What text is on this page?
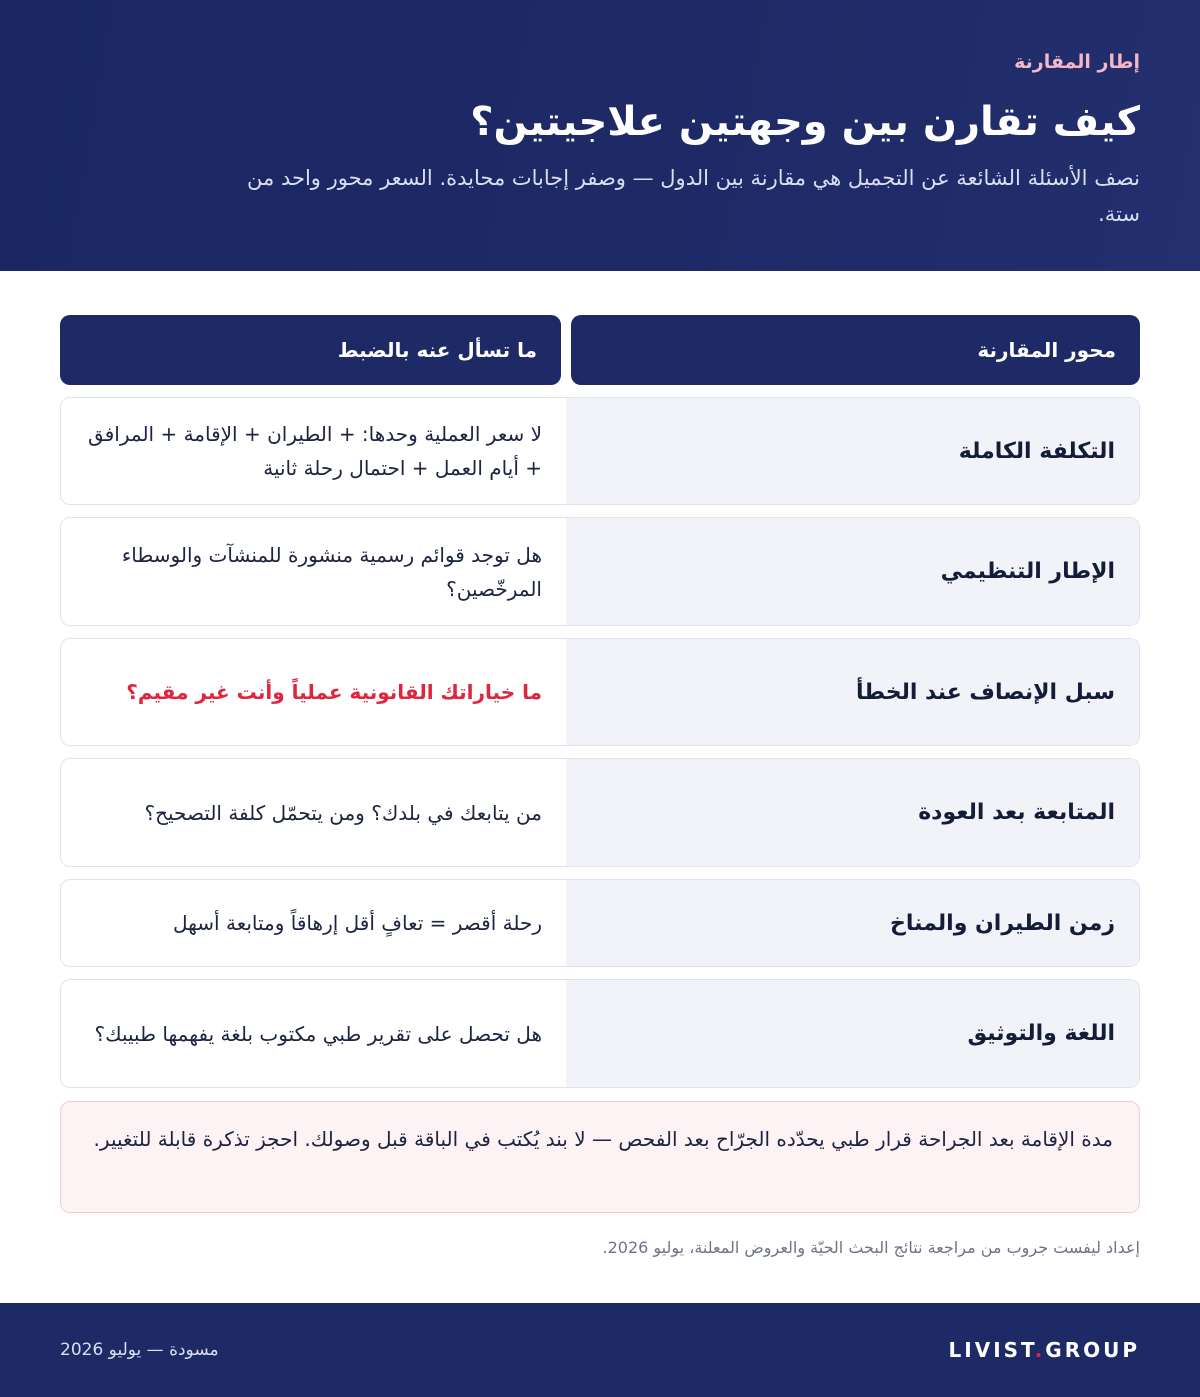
إطار المقارنة
كيف تقارن بين وجهتين علاجيتين؟

نصف الأسئلة الشائعة عن التجميل هي مقارنة بين الدول — وصفر إجابات محايدة. السعر محور واحد من ستة.

محور المقارنة
ما تسأل عنه بالضبط
التكلفة الكاملة
لا سعر العملية وحدها: + الطيران + الإقامة + المرافق + أيام العمل + احتمال رحلة ثانية
الإطار التنظيمي
هل توجد قوائم رسمية منشورة للمنشآت والوسطاء المرخّصين؟
سبل الإنصاف عند الخطأ
ما خياراتك القانونية عملياً وأنت غير مقيم؟
المتابعة بعد العودة
من يتابعك في بلدك؟ ومن يتحمّل كلفة التصحيح؟
زمن الطيران والمناخ
رحلة أقصر = تعافٍ أقل إرهاقاً ومتابعة أسهل
اللغة والتوثيق
هل تحصل على تقرير طبي مكتوب بلغة يفهمها طبيبك؟
مدة الإقامة بعد الجراحة قرار طبي يحدّده الجرّاح بعد الفحص — لا بند يُكتب في الباقة قبل وصولك. احجز تذكرة قابلة للتغيير.

إعداد ليفست جروب من مراجعة نتائج البحث الحيّة والعروض المعلنة، يوليو 2026.

LIVIST.GROUP
مسودة — يوليو 2026
